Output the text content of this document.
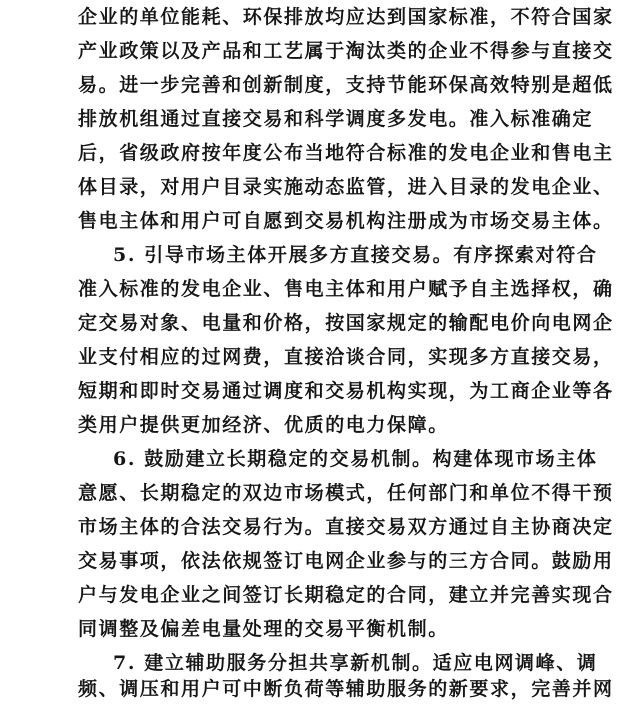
企业的单位能耗、环保排放均应达到国家标准，不符合国家
产业政策以及产品和工艺属于淘汰类的企业不得参与直接交
易。进一步完善和创新制度，支持节能环保高效特别是超低
排放机组通过直接交易和科学调度多发电。准入标准确定
后，省级政府按年度公布当地符合标准的发电企业和售电主
体目录，对用户目录实施动态监管，进入目录的发电企业、
售电主体和用户可自愿到交易机构注册成为市场交易主体。
5. 引导市场主体开展多方直接交易。有序探索对符合
准入标准的发电企业、售电主体和用户赋予自主选择权，确
定交易对象、电量和价格，按国家规定的输配电价向电网企
业支付相应的过网费，直接洽谈合同，实现多方直接交易，
短期和即时交易通过调度和交易机构实现，为工商企业等各
类用户提供更加经济、优质的电力保障。
6. 鼓励建立长期稳定的交易机制。构建体现市场主体
意愿、长期稳定的双边市场模式，任何部门和单位不得干预
市场主体的合法交易行为。直接交易双方通过自主协商决定
交易事项，依法依规签订电网企业参与的三方合同。鼓励用
户与发电企业之间签订长期稳定的合同，建立并完善实现合
同调整及偏差电量处理的交易平衡机制。
7. 建立辅助服务分担共享新机制。适应电网调峰、调
频、调压和用户可中断负荷等辅助服务的新要求，完善并网
